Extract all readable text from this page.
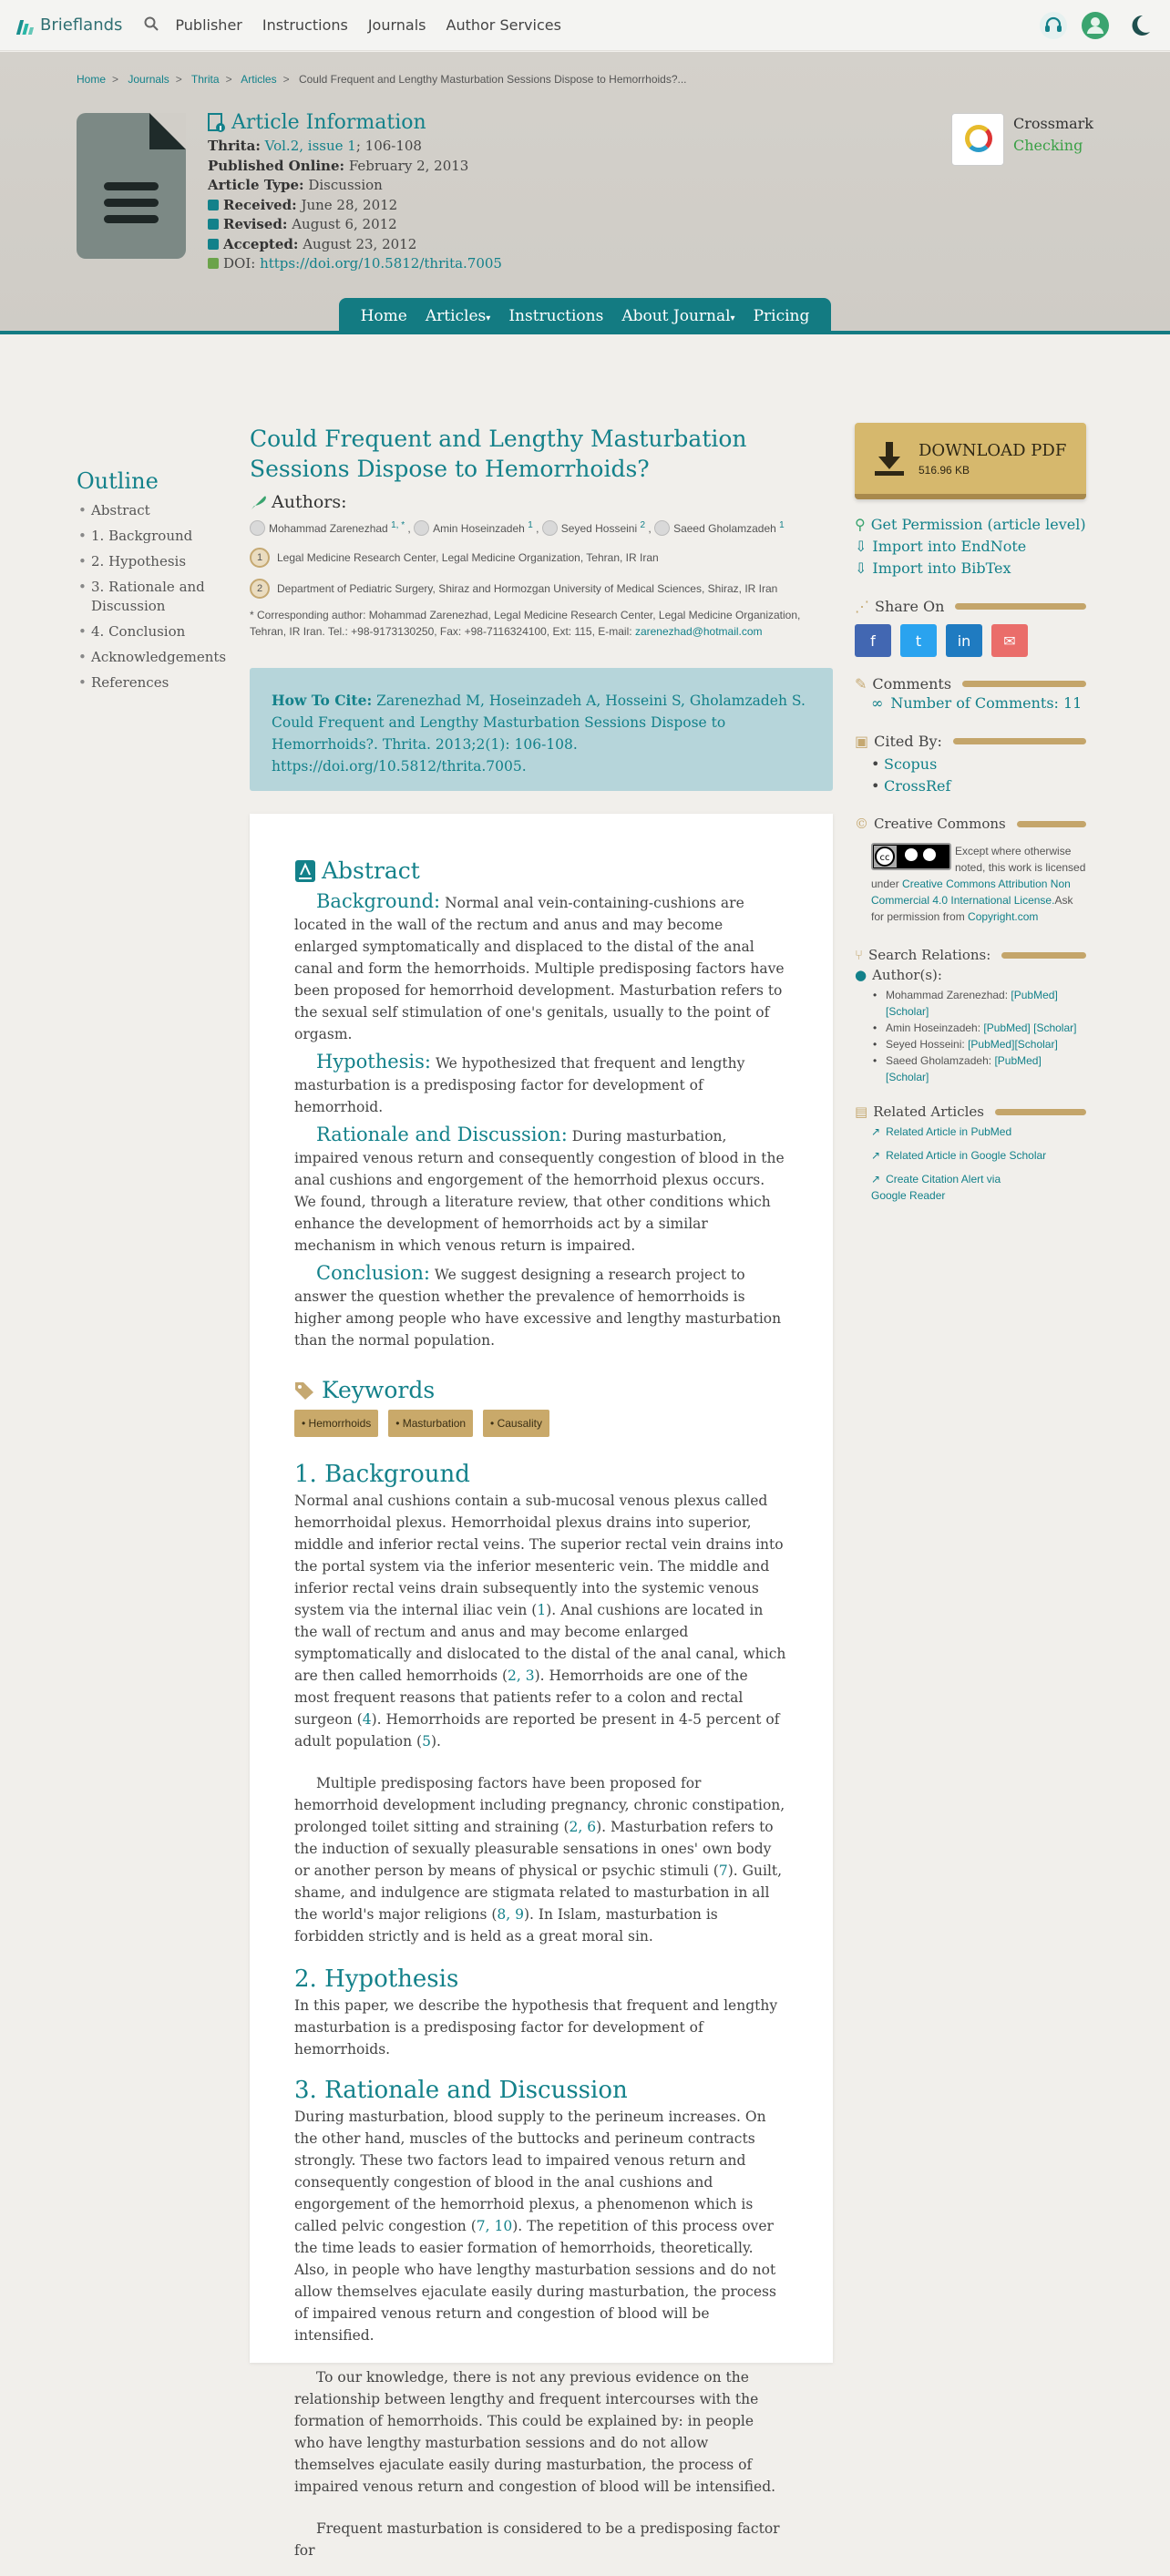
Brieflands	Publisher Instructions Journals Author Services
Home > Journals > Thrita > Articles > Could Frequent and Lengthy Masturbation Sessions Dispose to Hemorrhoids?...
Article Information
Thrita: Vol.2, issue 1; 106-108
Published Online: February 2, 2013
Article Type: Discussion
Received: June 28, 2012
Revised: August 6, 2012
Accepted: August 23, 2012
DOI: https://doi.org/10.5812/thrita.7005
Crossmark
Checking
Home Articles▾ Instructions About Journal▾ Pricing
Outline
• Abstract
• 1. Background
• 2. Hypothesis
• 3. Rationale and Discussion
• 4. Conclusion
• Acknowledgements
• References
Could Frequent and Lengthy Masturbation Sessions Dispose to Hemorrhoids?
Authors:
Mohammad Zarenezhad $^{1, *}$ , Amin Hoseinzadeh $^1$ , Seyed Hosseini $^2$ , Saeed Gholamzadeh $^1$
1	Legal Medicine Research Center, Legal Medicine Organization, Tehran, IR Iran
2	Department of Pediatric Surgery, Shiraz and Hormozgan University of Medical Sciences, Shiraz, IR Iran
* Corresponding author: Mohammad Zarenezhad, Legal Medicine Research Center, Legal Medicine Organization, Tehran, IR Iran. Tel.: +98-9173130250, Fax: +98-7116324100, Ext: 115, E-mail: zarenezhad@hotmail.com
How To Cite: Zarenezhad M, Hoseinzadeh A, Hosseini S, Gholamzadeh S. Could Frequent and Lengthy Masturbation Sessions Dispose to Hemorrhoids?. Thrita. 2013;2(1): 106-108. https://doi.org/10.5812/thrita.7005.
Abstract
Background: Normal anal vein-containing-cushions are located in the wall of the rectum and anus and may become enlarged symptomatically and displaced to the distal of the anal canal and form the hemorrhoids. Multiple predisposing factors have been proposed for hemorrhoid development. Masturbation refers to the sexual self stimulation of one's genitals, usually to the point of orgasm.
Hypothesis: We hypothesized that frequent and lengthy masturbation is a predisposing factor for development of hemorrhoid.
Rationale and Discussion: During masturbation, impaired venous return and consequently congestion of blood in the anal cushions and engorgement of the hemorrhoid plexus occurs. We found, through a literature review, that other conditions which enhance the development of hemorrhoids act by a similar mechanism in which venous return is impaired.
Conclusion: We suggest designing a research project to answer the question whether the prevalence of hemorrhoids is higher among people who have excessive and lengthy masturbation than the normal population.
Keywords
• Hemorrhoids • Masturbation • Causality
1. Background
Normal anal cushions contain a sub-mucosal venous plexus called hemorrhoidal plexus. Hemorrhoidal plexus drains into superior, middle and inferior rectal veins. The superior rectal vein drains into the portal system via the inferior mesenteric vein. The middle and inferior rectal veins drain subsequently into the systemic venous system via the internal iliac vein (1). Anal cushions are located in the wall of rectum and anus and may become enlarged symptomatically and dislocated to the distal of the anal canal, which are then called hemorrhoids (2, 3). Hemorrhoids are one of the most frequent reasons that patients refer to a colon and rectal surgeon (4). Hemorrhoids are reported be present in 4-5 percent of adult population (5).
Multiple predisposing factors have been proposed for hemorrhoid development including pregnancy, chronic constipation, prolonged toilet sitting and straining (2, 6). Masturbation refers to the induction of sexually pleasurable sensations in ones' own body or another person by means of physical or psychic stimuli (7). Guilt, shame, and indulgence are stigmata related to masturbation in all the world's major religions (8, 9). In Islam, masturbation is forbidden strictly and is held as a great moral sin.
2. Hypothesis
In this paper, we describe the hypothesis that frequent and lengthy masturbation is a predisposing factor for development of hemorrhoids.
3. Rationale and Discussion
During masturbation, blood supply to the perineum increases. On the other hand, muscles of the buttocks and perineum contracts strongly. These two factors lead to impaired venous return and consequently congestion of blood in the anal cushions and engorgement of the hemorrhoid plexus, a phenomenon which is called pelvic congestion (7, 10). The repetition of this process over the time leads to easier formation of hemorrhoids, theoretically. Also, in people who have lengthy masturbation sessions and do not allow themselves ejaculate easily during masturbation, the process of impaired venous return and congestion of blood will be intensified.
To our knowledge, there is not any previous evidence on the relationship between lengthy and frequent intercourses with the formation of hemorrhoids. This could be explained by: in people who have lengthy masturbation sessions and do not allow themselves ejaculate easily during masturbation, the process of impaired venous return and congestion of blood will be intensified.
Frequent masturbation is considered to be a predisposing factor for
DOWNLOAD PDF
516.96 KB
⚲ Get Permission (article level)
⇩ Import into EndNote
⇩ Import into BibTex
⋰ Share On
f	t	in	✉
✎ Comments
∞ Number of Comments: 11
▣ Cited By:
• Scopus
• CrossRef
© Creative Commons
cc
Except where otherwise noted, this work is licensed under Creative Commons Attribution Non Commercial 4.0 International License.Ask for permission from Copyright.com
⑂ Search Relations:
● Author(s):
• Mohammad Zarenezhad: [PubMed] [Scholar]
• Amin Hoseinzadeh: [PubMed] [Scholar]
• Seyed Hosseini: [PubMed][Scholar]
• Saeed Gholamzadeh: [PubMed] [Scholar]
▤ Related Articles
↗ Related Article in PubMed
↗ Related Article in Google Scholar
↗ Create Citation Alert via Google Reader
